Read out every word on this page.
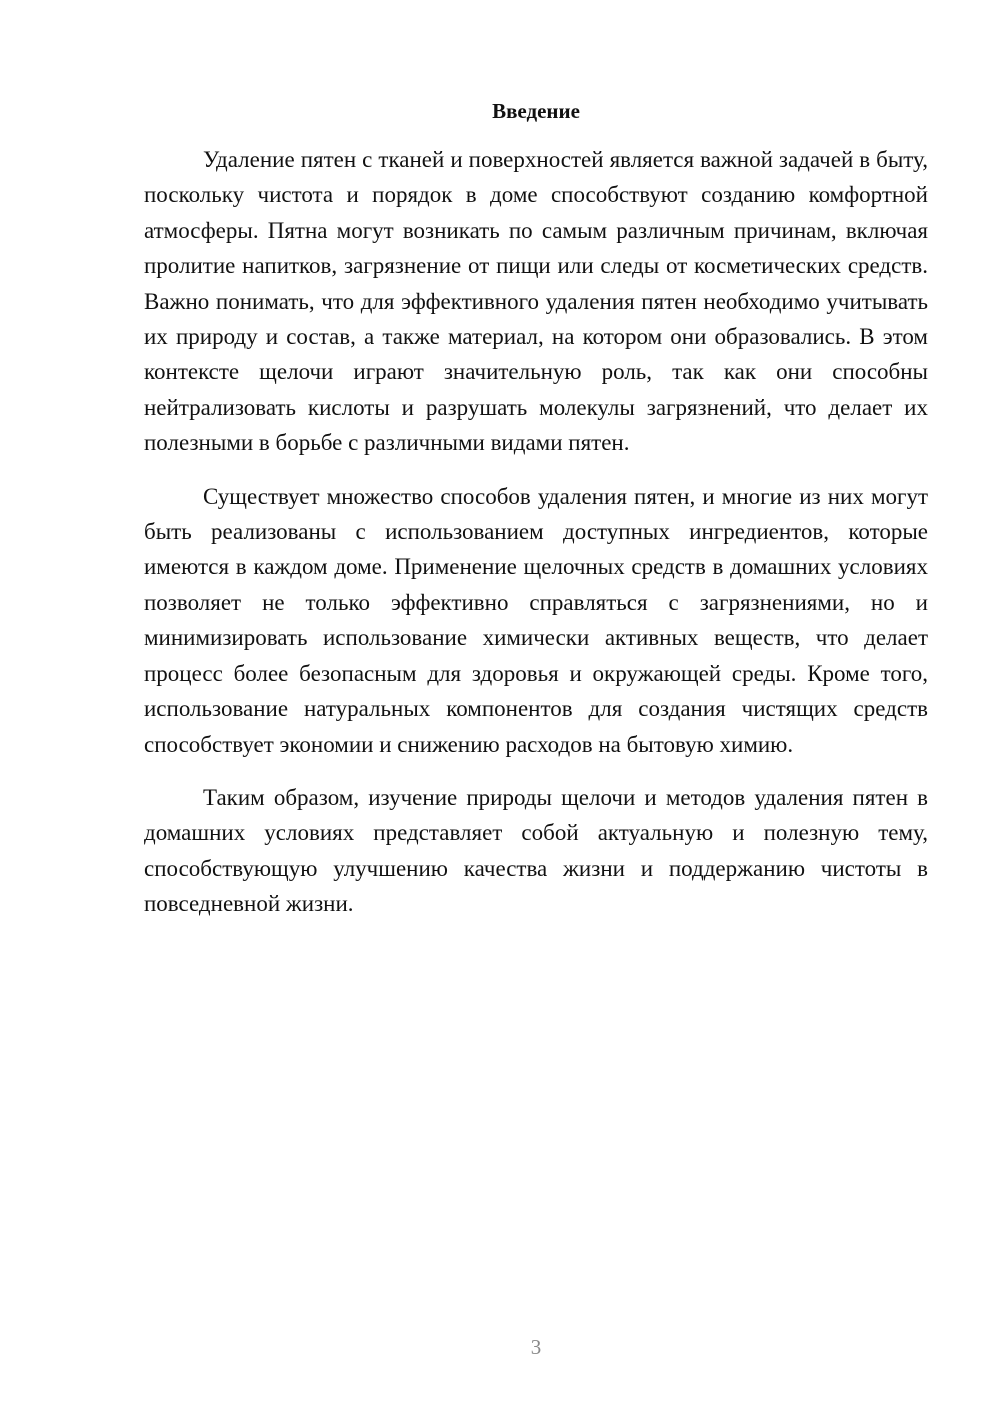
Введение

Удаление пятен с тканей и поверхностей является важной задачей в быту, поскольку чистота и порядок в доме способствуют созданию комфортной атмосферы. Пятна могут возникать по самым различным причинам, включая пролитие напитков, загрязнение от пищи или следы от косметических средств. Важно понимать, что для эффективного удаления пятен необходимо учитывать их природу и состав, а также материал, на котором они образовались. В этом контексте щелочи играют значительную роль, так как они способны нейтрализовать кислоты и разрушать молекулы загрязнений, что делает их полезными в борьбе с различными видами пятен.

Существует множество способов удаления пятен, и многие из них могут быть реализованы с использованием доступных ингредиентов, которые имеются в каждом доме. Применение щелочных средств в домашних условиях позволяет не только эффективно справляться с загрязнениями, но и минимизировать использование химически активных веществ, что делает процесс более безопасным для здоровья и окружающей среды. Кроме того, использование натуральных компонентов для создания чистящих средств способствует экономии и снижению расходов на бытовую химию.

Таким образом, изучение природы щелочи и методов удаления пятен в домашних условиях представляет собой актуальную и полезную тему, способствующую улучшению качества жизни и поддержанию чистоты в повседневной жизни.

3
